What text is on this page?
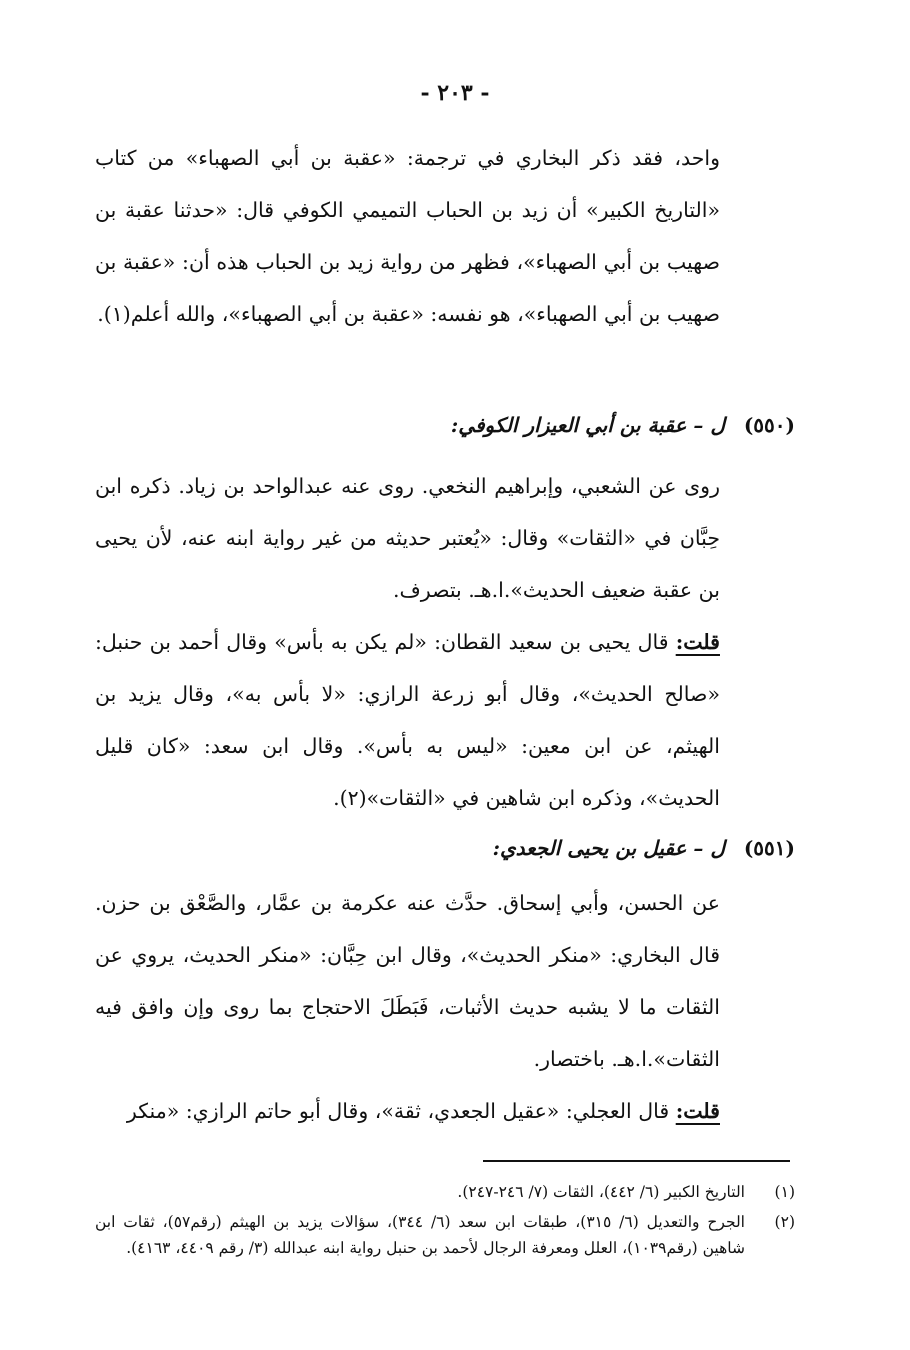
- ٢٠٣ -

واحد، فقد ذكر البخاري في ترجمة: «عقبة بن أبي الصهباء» من كتاب «التاريخ الكبير» أن زيد بن الحباب التميمي الكوفي قال: «حدثنا عقبة بن صهيب بن أبي الصهباء»، فظهر من رواية زيد بن الحباب هذه أن: «عقبة بن صهيب بن أبي الصهباء»، هو نفسه: «عقبة بن أبي الصهباء»، والله أعلم(١).

(٥٥٠) ل – عقبة بن أبي العيزار الكوفي:

روى عن الشعبي، وإبراهيم النخعي. روى عنه عبدالواحد بن زياد. ذكره ابن حِبَّان في «الثقات» وقال: «يُعتبر حديثه من غير رواية ابنه عنه، لأن يحيى بن عقبة ضعيف الحديث».ا.هـ. بتصرف.

قلت: قال يحيى بن سعيد القطان: «لم يكن به بأس» وقال أحمد بن حنبل: «صالح الحديث»، وقال أبو زرعة الرازي: «لا بأس به»، وقال يزيد بن الهيثم، عن ابن معين: «ليس به بأس». وقال ابن سعد: «كان قليل الحديث»، وذكره ابن شاهين في «الثقات»(٢).

(٥٥١) ل – عقيل بن يحيى الجعدي:

عن الحسن، وأبي إسحاق. حدَّث عنه عكرمة بن عمَّار، والصَّعْق بن حزن. قال البخاري: «منكر الحديث»، وقال ابن حِبَّان: «منكر الحديث، يروي عن الثقات ما لا يشبه حديث الأثبات، فَبَطَلَ الاحتجاج بما روى وإن وافق فيه الثقات».ا.هـ. باختصار.

قلت: قال العجلي: «عقيل الجعدي، ثقة»، وقال أبو حاتم الرازي: «منكر

(١)
التاريخ الكبير (٦/ ٤٤٢)، الثقات (٧/ ٢٤٦-٢٤٧).
(٢)
الجرح والتعديل (٦/ ٣١٥)، طبقات ابن سعد (٦/ ٣٤٤)، سؤالات يزيد بن الهيثم (رقم٥٧)، ثقات ابن شاهين (رقم١٠٣٩)، العلل ومعرفة الرجال لأحمد بن حنبل رواية ابنه عبدالله (٣/ رقم ٤٤٠٩، ٤١٦٣).
